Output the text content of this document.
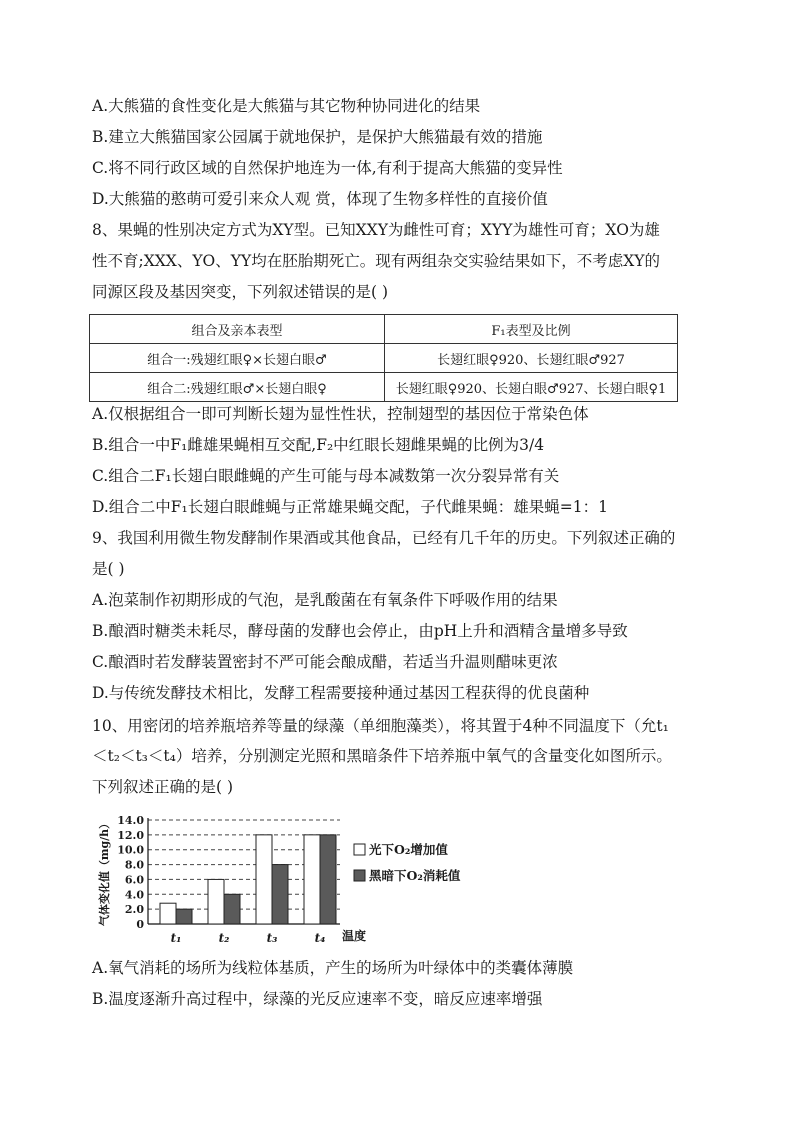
A.大熊猫的食性变化是大熊猫与其它物种协同进化的结果
B.建立大熊猫国家公园属于就地保护，是保护大熊猫最有效的措施
C.将不同行政区域的自然保护地连为一体,有利于提高大熊猫的变异性
D.大熊猫的憨萌可爱引来众人观 赏，体现了生物多样性的直接价值
8、果蝇的性别决定方式为XY型。已知XXY为雌性可育；XYY为雄性可育；XO为雄
性不育;XXX、YO、YY均在胚胎期死亡。现有两组杂交实验结果如下，不考虑XY的
同源区段及基因突变，下列叙述错误的是( )
组合及亲本表型	F₁表型及比例
组合一:残翅红眼♀×长翅白眼♂	长翅红眼♀920、长翅红眼♂927
组合二:残翅红眼♂×长翅白眼♀	长翅红眼♀920、长翅白眼♂927、长翅白眼♀1
A.仅根据组合一即可判断长翅为显性性状，控制翅型的基因位于常染色体
B.组合一中F₁雌雄果蝇相互交配,F₂中红眼长翅雌果蝇的比例为3/4
C.组合二F₁长翅白眼雌蝇的产生可能与母本减数第一次分裂异常有关
D.组合二中F₁长翅白眼雌蝇与正常雄果蝇交配，子代雌果蝇：雄果蝇=1：1
9、我国利用微生物发酵制作果酒或其他食品，已经有几千年的历史。下列叙述正确的
是( )
A.泡菜制作初期形成的气泡，是乳酸菌在有氧条件下呼吸作用的结果
B.酿酒时糖类未耗尽，酵母菌的发酵也会停止，由pH上升和酒精含量增多导致
C.酿酒时若发酵装置密封不严可能会酿成醋，若适当升温则醋味更浓
D.与传统发酵技术相比，发酵工程需要接种通过基因工程获得的优良菌种
10、用密闭的培养瓶培养等量的绿藻（单细胞藻类），将其置于4种不同温度下（允t₁
＜t₂＜t₃＜t₄）培养，分别测定光照和黑暗条件下培养瓶中氧气的含量变化如图所示。
下列叙述正确的是( )
气体变化值（mg/h） 0
2.0
4.0
6.0
8.0
10.0
12.0
14.0
t₁	t₂	t₃	t₄ 温度
光下O₂增加值
黑暗下O₂消耗值
A.氧气消耗的场所为线粒体基质，产生的场所为叶绿体中的类囊体薄膜
B.温度逐渐升高过程中，绿藻的光反应速率不变，暗反应速率增强
